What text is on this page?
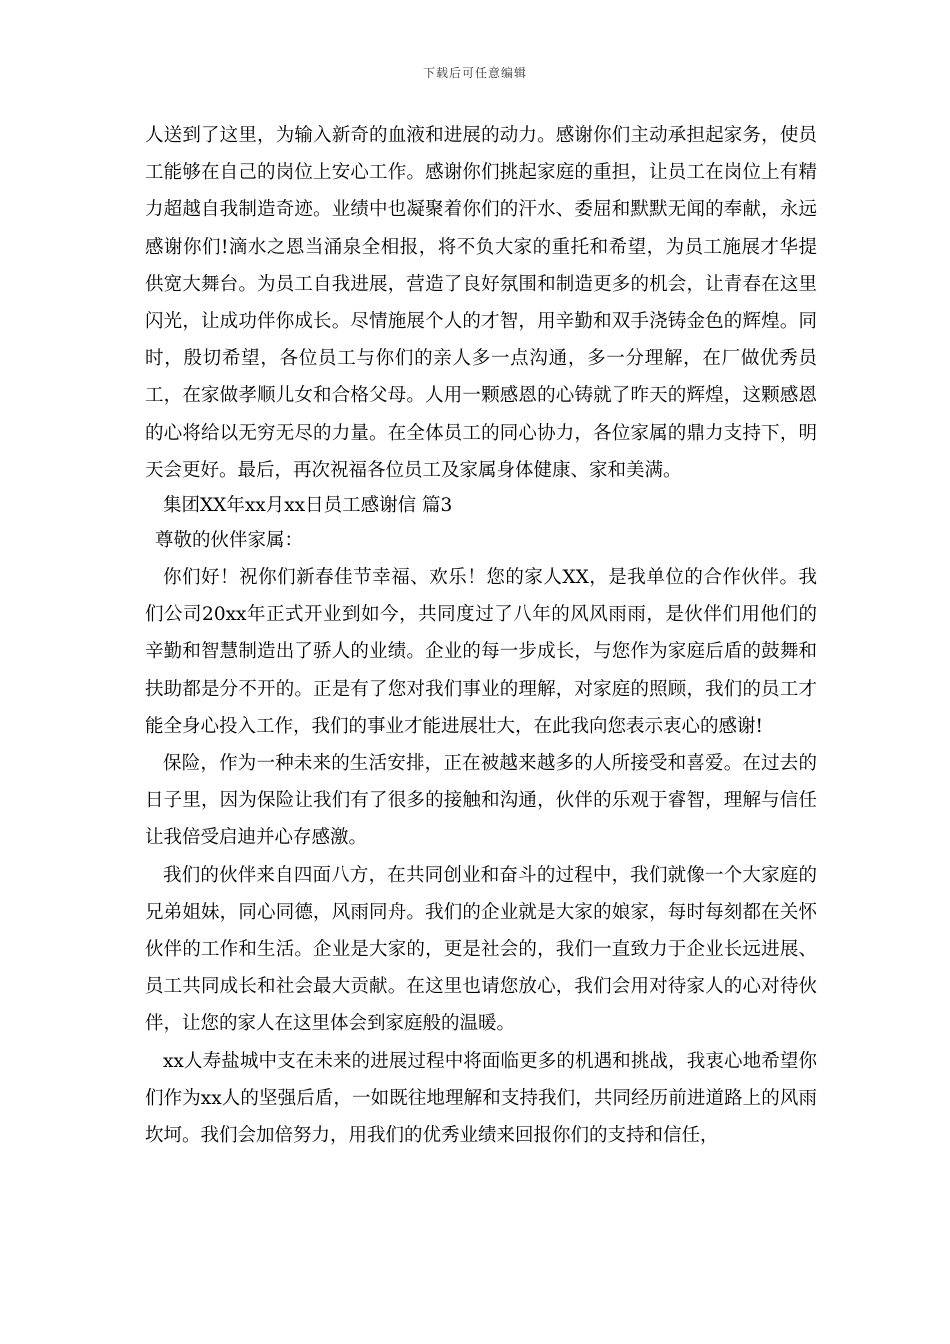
下载后可任意编辑

人送到了这里，为输入新奇的血液和进展的动力。感谢你们主动承担起家务，使员工能够在自己的岗位上安心工作。感谢你们挑起家庭的重担，让员工在岗位上有精力超越自我制造奇迹。业绩中也凝聚着你们的汗水、委屈和默默无闻的奉献，永远感谢你们!滴水之恩当涌泉全相报，将不负大家的重托和希望，为员工施展才华提供宽大舞台。为员工自我进展，营造了良好氛围和制造更多的机会，让青春在这里闪光，让成功伴你成长。尽情施展个人的才智，用辛勤和双手浇铸金色的辉煌。同时，殷切希望，各位员工与你们的亲人多一点沟通，多一分理解，在厂做优秀员工，在家做孝顺儿女和合格父母。人用一颗感恩的心铸就了昨天的辉煌，这颗感恩的心将给以无穷无尽的力量。在全体员工的同心协力，各位家属的鼎力支持下，明天会更好。最后，再次祝福各位员工及家属身体健康、家和美满。

集团XX年xx月xx日员工感谢信 篇3

尊敬的伙伴家属：

你们好！祝你们新春佳节幸福、欢乐！您的家人XX，是我单位的合作伙伴。我们公司20xx年正式开业到如今，共同度过了八年的风风雨雨，是伙伴们用他们的辛勤和智慧制造出了骄人的业绩。企业的每一步成长，与您作为家庭后盾的鼓舞和扶助都是分不开的。正是有了您对我们事业的理解，对家庭的照顾，我们的员工才能全身心投入工作，我们的事业才能进展壮大，在此我向您表示衷心的感谢!

保险，作为一种未来的生活安排，正在被越来越多的人所接受和喜爱。在过去的日子里，因为保险让我们有了很多的接触和沟通，伙伴的乐观于睿智，理解与信任让我倍受启迪并心存感激。

我们的伙伴来自四面八方，在共同创业和奋斗的过程中，我们就像一个大家庭的兄弟姐妹，同心同德，风雨同舟。我们的企业就是大家的娘家，每时每刻都在关怀伙伴的工作和生活。企业是大家的，更是社会的，我们一直致力于企业长远进展、员工共同成长和社会最大贡献。在这里也请您放心，我们会用对待家人的心对待伙伴，让您的家人在这里体会到家庭般的温暖。

xx人寿盐城中支在未来的进展过程中将面临更多的机遇和挑战，我衷心地希望你们作为xx人的坚强后盾，一如既往地理解和支持我们，共同经历前进道路上的风雨坎坷。我们会加倍努力，用我们的优秀业绩来回报你们的支持和信任，
